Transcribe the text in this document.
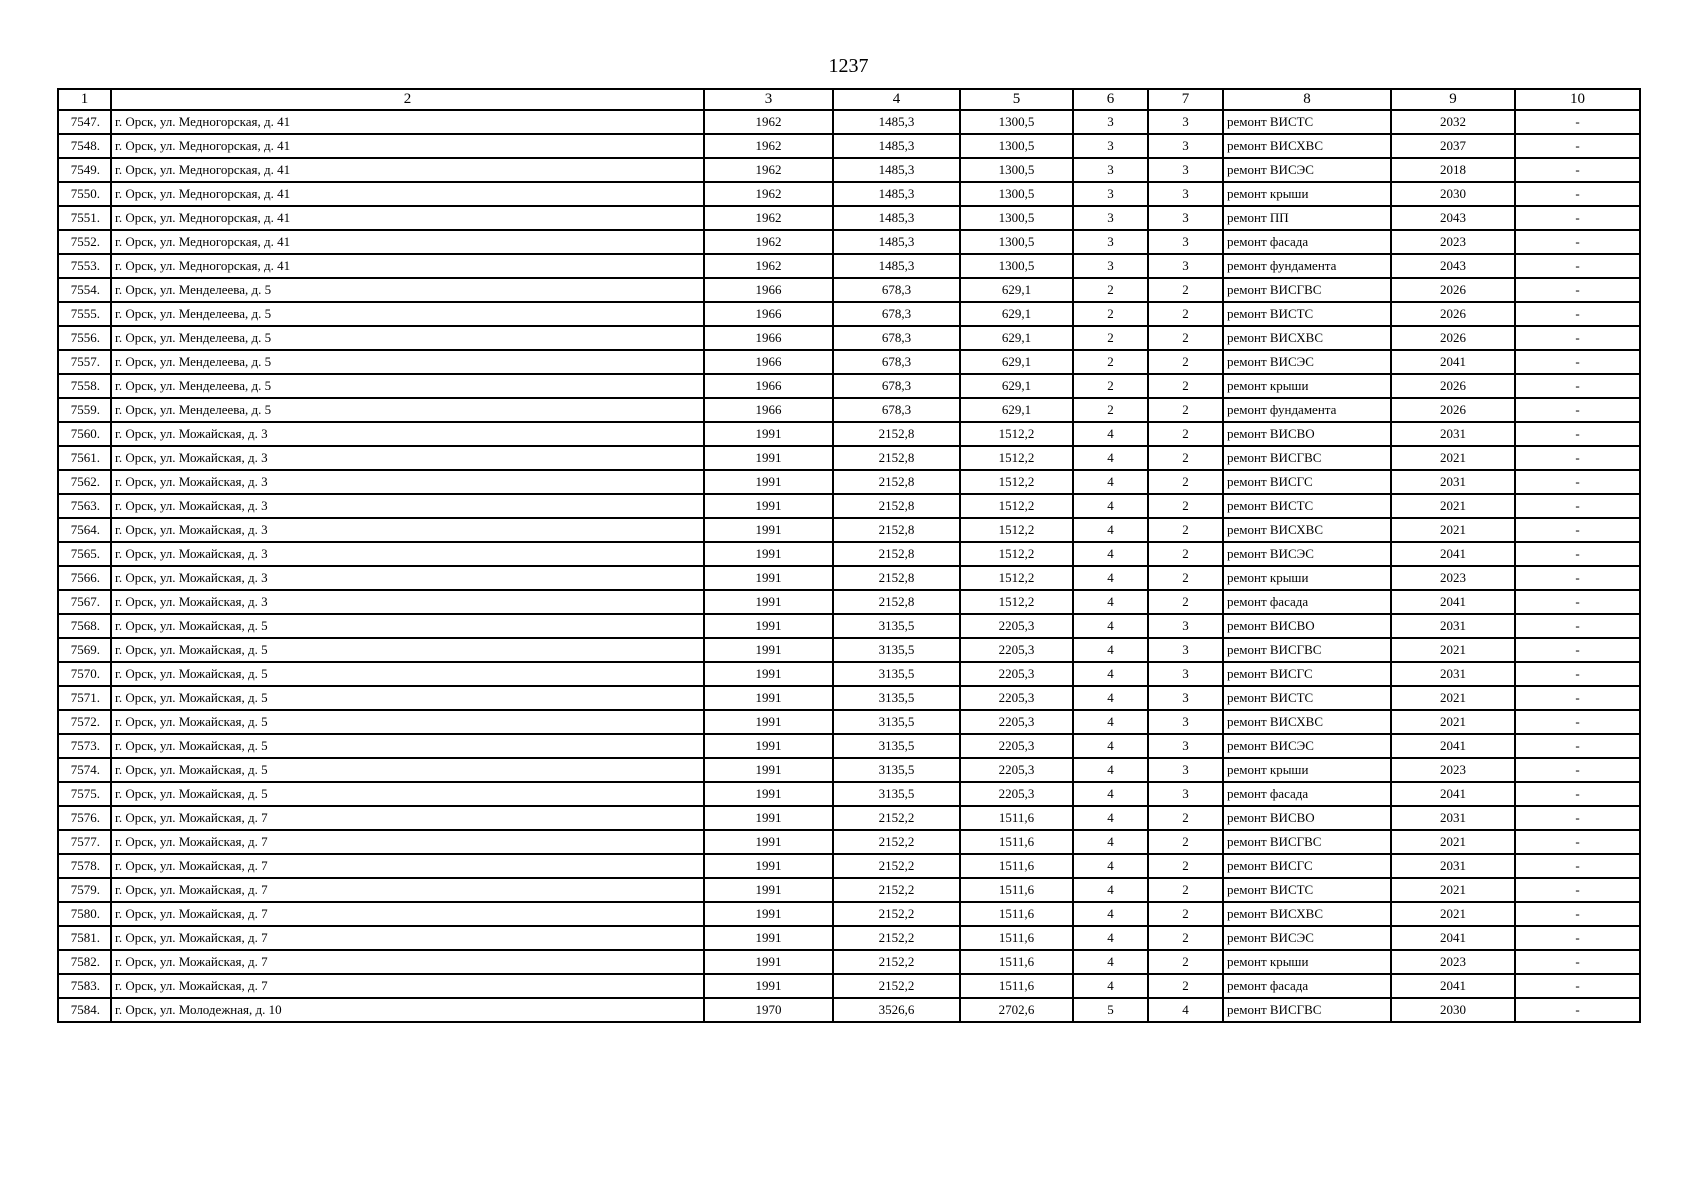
1237
1	2	3	4	5	6	7	8	9	10
7547.	г. Орск, ул. Медногорская, д. 41	1962	1485,3	1300,5	3	3	ремонт ВИСТС	2032	-
7548.	г. Орск, ул. Медногорская, д. 41	1962	1485,3	1300,5	3	3	ремонт ВИСХВС	2037	-
7549.	г. Орск, ул. Медногорская, д. 41	1962	1485,3	1300,5	3	3	ремонт ВИСЭС	2018	-
7550.	г. Орск, ул. Медногорская, д. 41	1962	1485,3	1300,5	3	3	ремонт крыши	2030	-
7551.	г. Орск, ул. Медногорская, д. 41	1962	1485,3	1300,5	3	3	ремонт ПП	2043	-
7552.	г. Орск, ул. Медногорская, д. 41	1962	1485,3	1300,5	3	3	ремонт фасада	2023	-
7553.	г. Орск, ул. Медногорская, д. 41	1962	1485,3	1300,5	3	3	ремонт фундамента	2043	-
7554.	г. Орск, ул. Менделеева, д. 5	1966	678,3	629,1	2	2	ремонт ВИСГВС	2026	-
7555.	г. Орск, ул. Менделеева, д. 5	1966	678,3	629,1	2	2	ремонт ВИСТС	2026	-
7556.	г. Орск, ул. Менделеева, д. 5	1966	678,3	629,1	2	2	ремонт ВИСХВС	2026	-
7557.	г. Орск, ул. Менделеева, д. 5	1966	678,3	629,1	2	2	ремонт ВИСЭС	2041	-
7558.	г. Орск, ул. Менделеева, д. 5	1966	678,3	629,1	2	2	ремонт крыши	2026	-
7559.	г. Орск, ул. Менделеева, д. 5	1966	678,3	629,1	2	2	ремонт фундамента	2026	-
7560.	г. Орск, ул. Можайская, д. 3	1991	2152,8	1512,2	4	2	ремонт ВИСВО	2031	-
7561.	г. Орск, ул. Можайская, д. 3	1991	2152,8	1512,2	4	2	ремонт ВИСГВС	2021	-
7562.	г. Орск, ул. Можайская, д. 3	1991	2152,8	1512,2	4	2	ремонт ВИСГС	2031	-
7563.	г. Орск, ул. Можайская, д. 3	1991	2152,8	1512,2	4	2	ремонт ВИСТС	2021	-
7564.	г. Орск, ул. Можайская, д. 3	1991	2152,8	1512,2	4	2	ремонт ВИСХВС	2021	-
7565.	г. Орск, ул. Можайская, д. 3	1991	2152,8	1512,2	4	2	ремонт ВИСЭС	2041	-
7566.	г. Орск, ул. Можайская, д. 3	1991	2152,8	1512,2	4	2	ремонт крыши	2023	-
7567.	г. Орск, ул. Можайская, д. 3	1991	2152,8	1512,2	4	2	ремонт фасада	2041	-
7568.	г. Орск, ул. Можайская, д. 5	1991	3135,5	2205,3	4	3	ремонт ВИСВО	2031	-
7569.	г. Орск, ул. Можайская, д. 5	1991	3135,5	2205,3	4	3	ремонт ВИСГВС	2021	-
7570.	г. Орск, ул. Можайская, д. 5	1991	3135,5	2205,3	4	3	ремонт ВИСГС	2031	-
7571.	г. Орск, ул. Можайская, д. 5	1991	3135,5	2205,3	4	3	ремонт ВИСТС	2021	-
7572.	г. Орск, ул. Можайская, д. 5	1991	3135,5	2205,3	4	3	ремонт ВИСХВС	2021	-
7573.	г. Орск, ул. Можайская, д. 5	1991	3135,5	2205,3	4	3	ремонт ВИСЭС	2041	-
7574.	г. Орск, ул. Можайская, д. 5	1991	3135,5	2205,3	4	3	ремонт крыши	2023	-
7575.	г. Орск, ул. Можайская, д. 5	1991	3135,5	2205,3	4	3	ремонт фасада	2041	-
7576.	г. Орск, ул. Можайская, д. 7	1991	2152,2	1511,6	4	2	ремонт ВИСВО	2031	-
7577.	г. Орск, ул. Можайская, д. 7	1991	2152,2	1511,6	4	2	ремонт ВИСГВС	2021	-
7578.	г. Орск, ул. Можайская, д. 7	1991	2152,2	1511,6	4	2	ремонт ВИСГС	2031	-
7579.	г. Орск, ул. Можайская, д. 7	1991	2152,2	1511,6	4	2	ремонт ВИСТС	2021	-
7580.	г. Орск, ул. Можайская, д. 7	1991	2152,2	1511,6	4	2	ремонт ВИСХВС	2021	-
7581.	г. Орск, ул. Можайская, д. 7	1991	2152,2	1511,6	4	2	ремонт ВИСЭС	2041	-
7582.	г. Орск, ул. Можайская, д. 7	1991	2152,2	1511,6	4	2	ремонт крыши	2023	-
7583.	г. Орск, ул. Можайская, д. 7	1991	2152,2	1511,6	4	2	ремонт фасада	2041	-
7584.	г. Орск, ул. Молодежная, д. 10	1970	3526,6	2702,6	5	4	ремонт ВИСГВС	2030	-
